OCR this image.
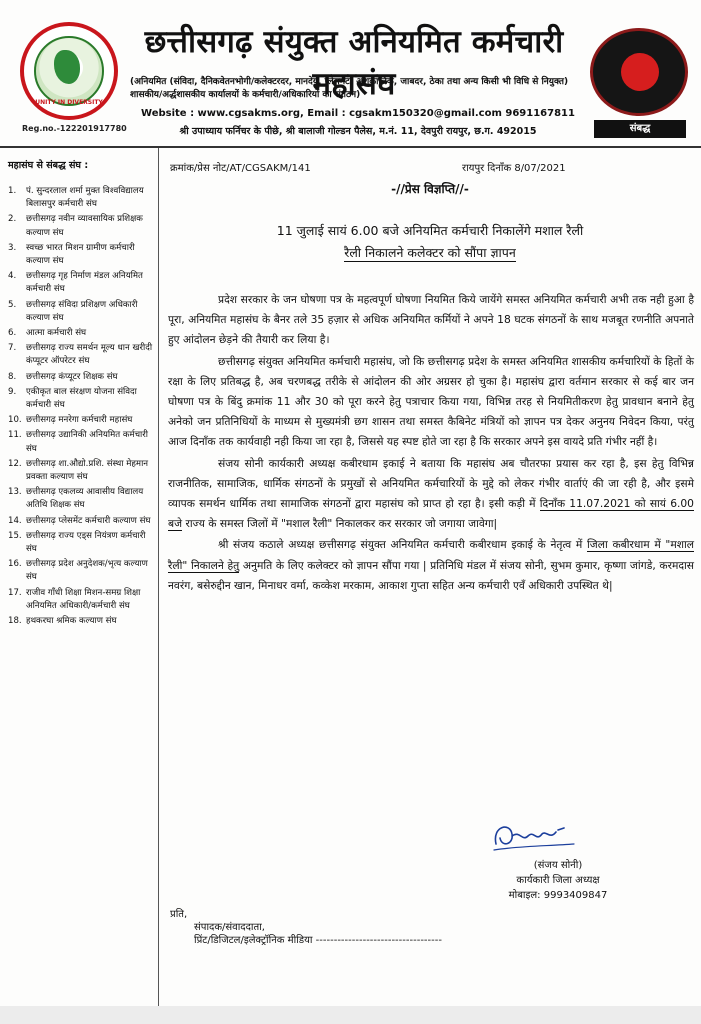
UNITY IN DIVERSITY
Reg.no.-122201917780
छत्तीसगढ़ संयुक्त अनियमित कर्मचारी महासंघ
(अनियमित (संविदा, दैनिकवेतनभोगी/कलेक्टरदर, मानदेय, प्लेसमेंट, अंशकालिक, जाबदर, ठेका तथा अन्य किसी भी विधि से नियुक्त) शासकीय/अर्द्धशासकीय कार्यालयों के कर्मचारी/अधिकारियों का संगठन)
Website : www.cgsakms.org, Email : cgsakm150320@gmail.com 9691167811
श्री उपाध्याय फर्निचर के पीछे, श्री बालाजी गोल्डन पैलेस, म.नं. 11, देवपुरी रायपुर, छ.ग. 492015	संबद्ध
महासंघ से संबद्ध संघ :
1.	पं. सुन्दरलाल शर्मा मुक्त विश्वविद्यालय बिलासपुर कर्मचारी संघ
2.	छत्तीसगढ़ नवीन व्यावसायिक प्रशिक्षक कल्याण संघ
3.	स्वच्छ भारत मिशन ग्रामीण कर्मचारी कल्याण संघ
4.	छत्तीसगढ़ गृह निर्माण मंडल अनियमित कर्मचारी संघ
5.	छत्तीसगढ़ संविदा प्रशिक्षण अधिकारी कल्याण संघ
6.	आत्मा कर्मचारी संघ
7.	छत्तीसगढ़ राज्य समर्थन मूल्य धान खरीदी कंप्यूटर ऑपरेटर संघ
8.	छत्तीसगढ़ कंप्यूटर शिक्षक संघ
9.	एकीकृत बाल संरक्षण योजना संविदा कर्मचारी संघ
10. छत्तीसगढ़ मनरेगा कर्मचारी महासंघ
11. छत्तीसगढ़ उद्यानिकी अनियमित कर्मचारी संघ
12. छत्तीसगढ़ शा.औद्यो.प्रशि. संस्था मेहमान प्रवक्ता कल्याण संघ
13. छत्तीसगढ़ एकलव्य आवासीय विद्यालय अतिथि शिक्षक संघ
14. छत्तीसगढ़ प्लेसमेंट कर्मचारी कल्याण संघ
15. छत्तीसगढ़ राज्य एड्स नियंत्रण कर्मचारी संघ
16. छत्तीसगढ़ प्रदेश अनुदेशक/भृत्य कल्याण संघ
17. राजीव गाँधी शिक्षा मिशन-समग्र शिक्षा अनियमित अधिकारी/कर्मचारी संघ
18. हथकरघा श्रमिक कल्याण संघ
क्रमांक/प्रेस नोट/AT/CGSAKM/141	रायपुर दिनाँक 8/07/2021
-//प्रेस विज्ञप्ति//-
11 जुलाई सायं 6.00 बजे अनियमित कर्मचारी निकालेंगे मशाल रैली
रैली निकालने कलेक्टर को सौंपा ज्ञापन

प्रदेश सरकार के जन घोषणा पत्र के महत्वपूर्ण घोषणा नियमित किये जायेंगे समस्त अनियमित कर्मचारी अभी तक नही हुआ है पूरा, अनियमित महासंघ के बैनर तले 35 हज़ार से अधिक अनियमित कर्मियों ने अपने 18 घटक संगठनों के साथ मजबूत रणनीति अपनाते हुए आंदोलन छेड़ने की तैयारी कर लिया है।

छत्तीसगढ़ संयुक्त अनियमित कर्मचारी महासंघ, जो कि छत्तीसगढ़ प्रदेश के समस्त अनियमित शासकीय कर्मचारियों के हितों के रक्षा के लिए प्रतिबद्ध है, अब चरणबद्ध तरीके से आंदोलन की ओर अग्रसर हो चुका है। महासंघ द्वारा वर्तमान सरकार से कई बार जन घोषणा पत्र के बिंदु क्रमांक 11 और 30 को पूरा करने हेतु पत्राचार किया गया, विभिन्न तरह से नियमितीकरण हेतु प्रावधान बनाने हेतु अनेको जन प्रतिनिधियों के माध्यम से मुख्यमंत्री छग शासन तथा समस्त कैबिनेट मंत्रियों को ज्ञापन पत्र देकर अनुनय निवेदन किया, परंतु आज दिनाँक तक कार्यवाही नही किया जा रहा है, जिससे यह स्पष्ट होते जा रहा है कि सरकार अपने इस वायदे प्रति गंभीर नहीं है।

संजय सोनी कार्यकारी अध्यक्ष कबीरधाम इकाई ने बताया कि महासंघ अब चौतरफा प्रयास कर रहा है, इस हेतु विभिन्न राजनीतिक, सामाजिक, धार्मिक संगठनों के प्रमुखों से अनियमित कर्मचारियों के मुद्दे को लेकर गंभीर वार्ताएं की जा रही है, और इसमे व्यापक समर्थन धार्मिक तथा सामाजिक संगठनों द्वारा महासंघ को प्राप्त हो रहा है। इसी कड़ी में दिनाँक 11.07.2021 को सायं 6.00 बजे राज्य के समस्त जिलों में "मशाल रैली" निकालकर कर सरकार जो जगाया जावेगा|

श्री संजय कठाले अध्यक्ष छत्तीसगढ़ संयुक्त अनियमित कर्मचारी कबीरधाम इकाई के नेतृत्व में जिला कबीरधाम में "मशाल रैली" निकालने हेतु अनुमति के लिए कलेक्टर को ज्ञापन सौंपा गया | प्रतिनिधि मंडल में संजय सोनी, सुभम कुमार, कृष्णा जांगडे, करमदास नवरंग, बसेरुद्दीन खान, मिनाधर वर्मा, कव्केश मरकाम, आकाश गुप्ता सहित अन्य कर्मचारी एवँ अधिकारी उपस्थित थे|

(संजय सोनी)
कार्यकारी जिला अध्यक्ष
मोबाइल: 9993409847
प्रति,
संपादक/संवाददाता,
प्रिंट/डिजिटल/इलेक्ट्रॉनिक मीडिया -----------------------------------
